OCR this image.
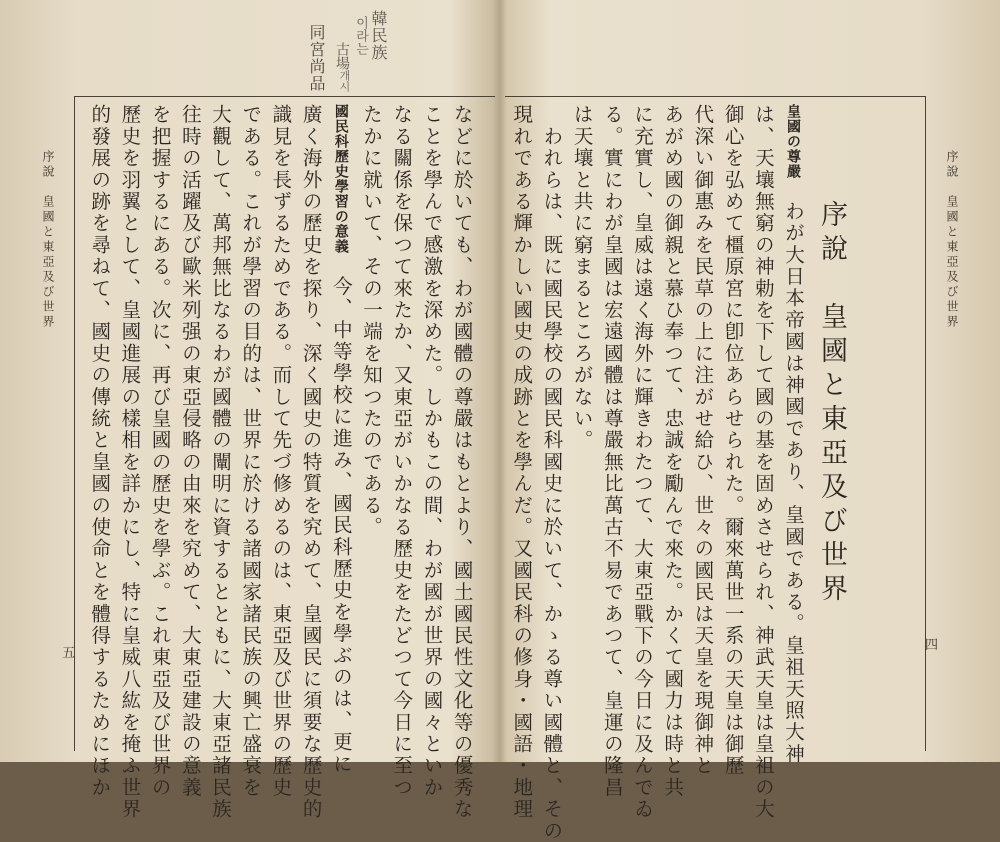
序說　皇國と東亞及び世界
四
序說　皇國と東亞及び世界
皇國の尊嚴　わが大日本帝國は神國であり、皇國である。皇祖天照大神
は、天壤無窮の神勅を下して國の基を固めさせられ、神武天皇は皇祖の大
御心を弘めて橿原宮に卽位あらせられた。爾來萬世一系の天皇は御歷
代深い御惠みを民草の上に注がせ給ひ、世々の國民は天皇を現御神と
あがめ國の御親と慕ひ奉つて、忠誠を勵んで來た。かくて國力は時と共
に充實し、皇威は遠く海外に輝きわたつて、大東亞戰下の今日に及んでゐ
る。實にわが皇國は宏遠國體は尊嚴無比萬古不易であつて、皇運の隆昌
は天壤と共に窮まるところがない。
　われらは、既に國民學校の國民科國史に於いて、かゝる尊い國體と、その
現れである輝かしい國史の成跡とを學んだ。又國民科の修身・國語・地理
などに於いても、わが國體の尊嚴はもとより、國土國民性文化等の優秀な
ことを學んで感激を深めた。しかもこの間、わが國が世界の國々といか
なる關係を保つて來たか、又東亞がいかなる歷史をたどつて今日に至つ
たかに就いて、その一端を知つたのである。
國民科歷史學習の意義　今、中等學校に進み、國民科歷史を學ぶのは、更に
廣く海外の歷史を探り、深く國史の特質を究めて、皇國民に須要な歷史的
識見を長ずるためである。而して先づ修めるのは、東亞及び世界の歷史
である。これが學習の目的は、世界に於ける諸國家諸民族の興亡盛衰を
大觀して、萬邦無比なるわが國體の闡明に資するとともに、大東亞諸民族
往時の活躍及び歐米列强の東亞侵略の由來を究めて、大東亞建設の意義
を把握するにある。次に、再び皇國の歷史を學ぶ。これ東亞及び世界の
歷史を羽翼として、皇國進展の樣相を詳かにし、特に皇威八紘を掩ふ世界
的發展の跡を尋ねて、國史の傳統と皇國の使命とを體得するためにほか
序說　皇國と東亞及び世界
五
韓民族
이라는
古場
개시
同宮尚品
